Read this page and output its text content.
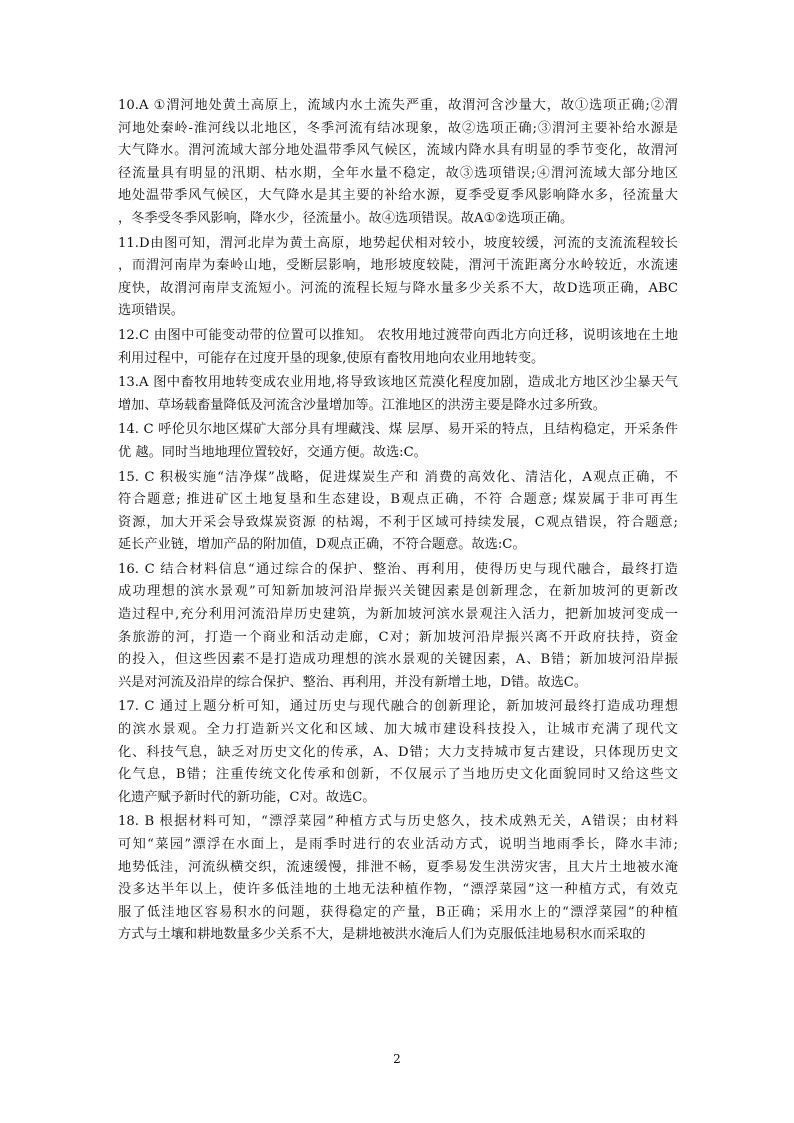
10.A ①渭河地处黄土高原上，流域内水土流失严重，故渭河含沙量大，故①选项正确;②渭
河地处秦岭-淮河线以北地区，冬季河流有结冰现象，故②选项正确;③渭河主要补给水源是
大气降水。渭河流域大部分地处温带季风气候区，流域内降水具有明显的季节变化，故渭河
径流量具有明显的汛期、枯水期，全年水量不稳定，故③选项错误;④渭河流域大部分地区
地处温带季风气候区，大气降水是其主要的补给水源，夏季受夏季风影响降水多，径流量大
，冬季受冬季风影响，降水少，径流量小。故④选项错误。故A①②选项正确。
11.D由图可知，渭河北岸为黄土高原，地势起伏相对较小，坡度较缓，河流的支流流程较长
，而渭河南岸为秦岭山地，受断层影响，地形坡度较陡，渭河干流距离分水岭较近，水流速
度快，故渭河南岸支流短小。河流的流程长短与降水量多少关系不大，故D选项正确，ABC
选项错误。
12.C 由图中可能变动带的位置可以推知。 农牧用地过渡带向西北方向迁移，说明该地在土地
利用过程中，可能存在过度开垦的现象,使原有畜牧用地向农业用地转变。
13.A 图中畜牧用地转变成农业用地,将导致该地区荒漠化程度加剧，造成北方地区沙尘暴天气
增加、草场载畜量降低及河流含沙量增加等。江淮地区的洪涝主要是降水过多所致。
14. C 呼伦贝尔地区煤矿大部分具有埋藏浅、煤 层厚、易开采的特点，且结构稳定，开采条件
优 越。同时当地地理位置较好，交通方便。故选:C。
15. C 积极实施“洁净煤”战略，促进煤炭生产和 消费的高效化、清洁化，A观点正确，不
符合题意; 推进矿区土地复垦和生态建设，B观点正确，不符 合题意; 煤炭属于非可再生
资源，加大开采会导致煤炭资源 的枯竭，不利于区域可持续发展，C观点错误，符合题意;
延长产业链，增加产品的附加值，D观点正确，不符合题意。故选:C。
16. C 结合材料信息“通过综合的保护、整治、再利用，使得历史与现代融合，最终打造
成功理想的滨水景观”可知新加坡河沿岸振兴关键因素是创新理念，在新加坡河的更新改
造过程中,充分利用河流沿岸历史建筑，为新加坡河滨水景观注入活力，把新加坡河变成一
条旅游的河，打造一个商业和活动走廊，C对；新加坡河沿岸振兴离不开政府扶持，资金
的投入，但这些因素不是打造成功理想的滨水景观的关键因素，A、B错；新加坡河沿岸振
兴是对河流及沿岸的综合保护、整治、再利用，并没有新增土地，D错。故选C。
17. C 通过上题分析可知，通过历史与现代融合的创新理论，新加坡河最终打造成功理想
的滨水景观。全力打造新兴文化和区域、加大城市建设科技投入，让城市充满了现代文
化、科技气息，缺乏对历史文化的传承，A、D错；大力支持城市复古建设，只体现历史文
化气息，B错；注重传统文化传承和创新，不仅展示了当地历史文化面貌同时又给这些文
化遗产赋予新时代的新功能，C对。故选C。
18. B 根据材料可知，“漂浮菜园”种植方式与历史悠久，技术成熟无关，A错误；由材料
可知“菜园”漂浮在水面上，是雨季时进行的农业活动方式，说明当地雨季长，降水丰沛;
地势低洼，河流纵横交织，流速缓慢，排泄不畅，夏季易发生洪涝灾害，且大片土地被水淹
没多达半年以上，使许多低洼地的土地无法种植作物，“漂浮菜园”这一种植方式，有效克
服了低洼地区容易积水的问题，获得稳定的产量，B正确；采用水上的“漂浮菜园”的种植
方式与土壤和耕地数量多少关系不大，是耕地被洪水淹后人们为克服低洼地易积水而采取的
2
